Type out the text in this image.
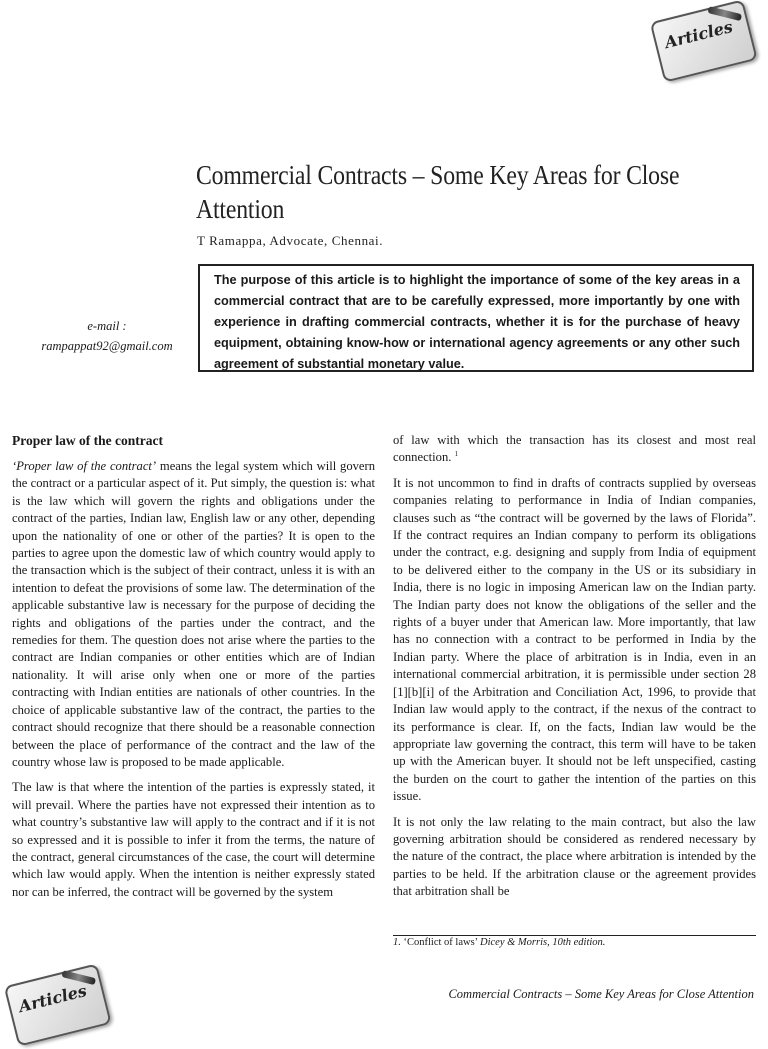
Articles
Commercial Contracts – Some Key Areas for Close Attention
T Ramappa, Advocate, Chennai.
e-mail :
rampappat92@gmail.com
The purpose of this article is to highlight the importance of some of the key areas in a commercial contract that are to be carefully expressed, more importantly by one with experience in drafting commercial contracts, whether it is for the purchase of heavy equipment, obtaining know-how or international agency agreements or any other such agreement of substantial monetary value.
Proper law of the contract

‘Proper law of the contract’ means the legal system which will govern the contract or a particular aspect of it. Put simply, the question is: what is the law which will govern the rights and obligations under the contract of the parties, Indian law, English law or any other, depending upon the nationality of one or other of the parties? It is open to the parties to agree upon the domestic law of which country would apply to the transaction which is the subject of their contract, unless it is with an intention to defeat the provisions of some law. The determination of the applicable substantive law is necessary for the purpose of deciding the rights and obligations of the parties under the contract, and the remedies for them. The question does not arise where the parties to the contract are Indian companies or other entities which are of Indian nationality. It will arise only when one or more of the parties contracting with Indian entities are nationals of other countries. In the choice of applicable substantive law of the contract, the parties to the contract should recognize that there should be a reasonable connection between the place of performance of the contract and the law of the country whose law is proposed to be made applicable.

The law is that where the intention of the parties is expressly stated, it will prevail. Where the parties have not expressed their intention as to what country’s substantive law will apply to the contract and if it is not so expressed and it is possible to infer it from the terms, the nature of the contract, general circumstances of the case, the court will determine which law would apply. When the intention is neither expressly stated nor can be inferred, the contract will be governed by the system

of law with which the transaction has its closest and most real connection. $^1$

It is not uncommon to find in drafts of contracts supplied by overseas companies relating to performance in India of Indian companies, clauses such as “the contract will be governed by the laws of Florida”. If the contract requires an Indian company to perform its obligations under the contract, e.g. designing and supply from India of equipment to be delivered either to the company in the US or its subsidiary in India, there is no logic in imposing American law on the Indian party. The Indian party does not know the obligations of the seller and the rights of a buyer under that American law. More importantly, that law has no connection with a contract to be performed in India by the Indian party. Where the place of arbitration is in India, even in an international commercial arbitration, it is permissible under section 28 [1][b][i] of the Arbitration and Conciliation Act, 1996, to provide that Indian law would apply to the contract, if the nexus of the contract to its performance is clear. If, on the facts, Indian law would be the appropriate law governing the contract, this term will have to be taken up with the American buyer. It should not be left unspecified, casting the burden on the court to gather the intention of the parties on this issue.

It is not only the law relating to the main contract, but also the law governing arbitration should be considered as rendered necessary by the nature of the contract, the place where arbitration is intended by the parties to be held. If the arbitration clause or the agreement provides that arbitration shall be

1. ‘Conflict of laws’ Dicey & Morris, 10th edition.
Articles	Commercial Contracts – Some Key Areas for Close Attention
